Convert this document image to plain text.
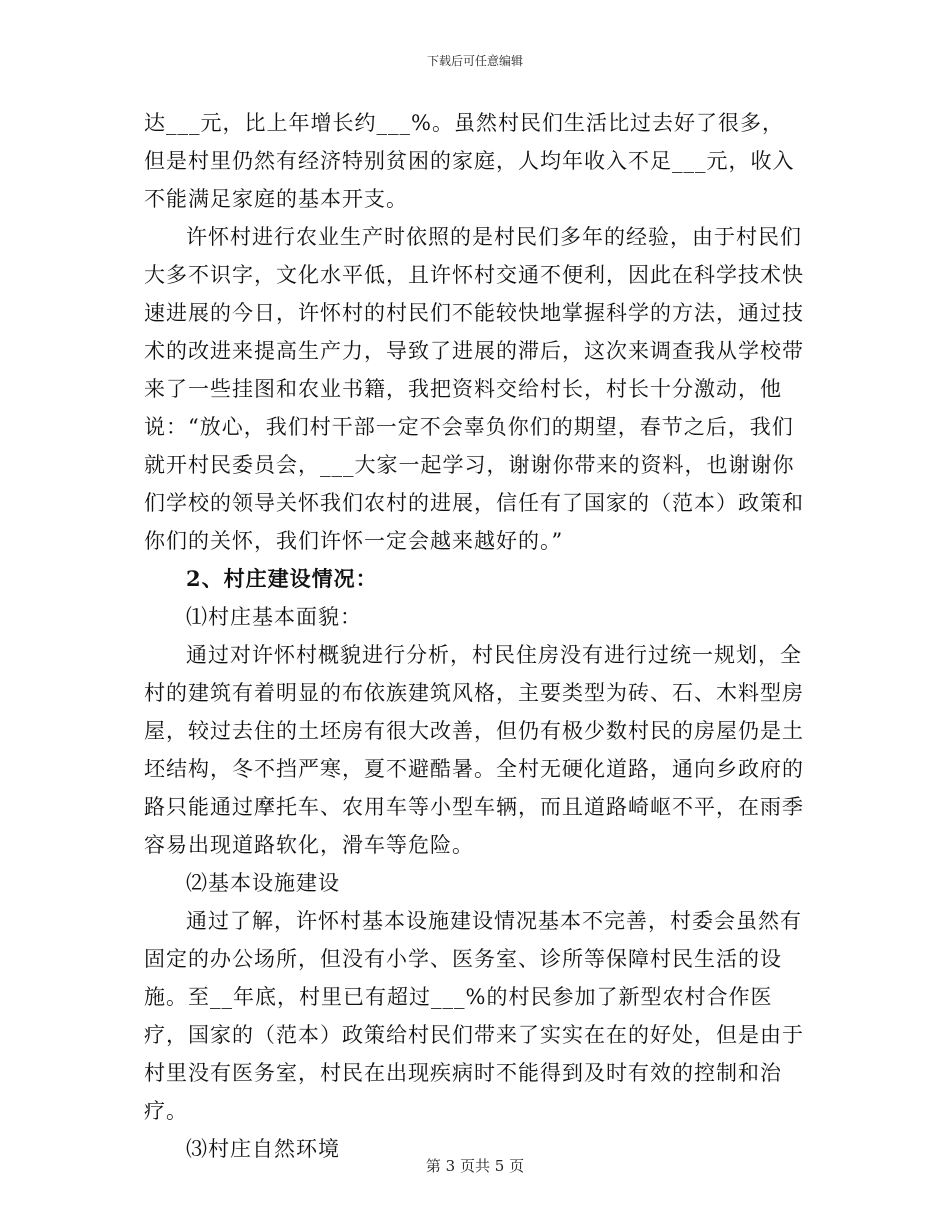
下载后可任意编辑

达___元，比上年增长约___%。虽然村民们生活比过去好了很多，但是村里仍然有经济特别贫困的家庭，人均年收入不足___元，收入不能满足家庭的基本开支。

许怀村进行农业生产时依照的是村民们多年的经验，由于村民们大多不识字，文化水平低，且许怀村交通不便利，因此在科学技术快速进展的今日，许怀村的村民们不能较快地掌握科学的方法，通过技术的改进来提高生产力，导致了进展的滞后，这次来调查我从学校带来了一些挂图和农业书籍，我把资料交给村长，村长十分激动，他说：“放心，我们村干部一定不会辜负你们的期望，春节之后，我们就开村民委员会，___大家一起学习，谢谢你带来的资料，也谢谢你们学校的领导关怀我们农村的进展，信任有了国家的（范本）政策和你们的关怀，我们许怀一定会越来越好的。”

2、村庄建设情况：

⑴村庄基本面貌：

通过对许怀村概貌进行分析，村民住房没有进行过统一规划，全村的建筑有着明显的布依族建筑风格，主要类型为砖、石、木料型房屋，较过去住的土坯房有很大改善，但仍有极少数村民的房屋仍是土坯结构，冬不挡严寒，夏不避酷暑。全村无硬化道路，通向乡政府的路只能通过摩托车、农用车等小型车辆，而且道路崎岖不平，在雨季容易出现道路软化，滑车等危险。

⑵基本设施建设

通过了解，许怀村基本设施建设情况基本不完善，村委会虽然有固定的办公场所，但没有小学、医务室、诊所等保障村民生活的设施。至__年底，村里已有超过___%的村民参加了新型农村合作医疗，国家的（范本）政策给村民们带来了实实在在的好处，但是由于村里没有医务室，村民在出现疾病时不能得到及时有效的控制和治疗。

⑶村庄自然环境

第 3 页共 5 页
